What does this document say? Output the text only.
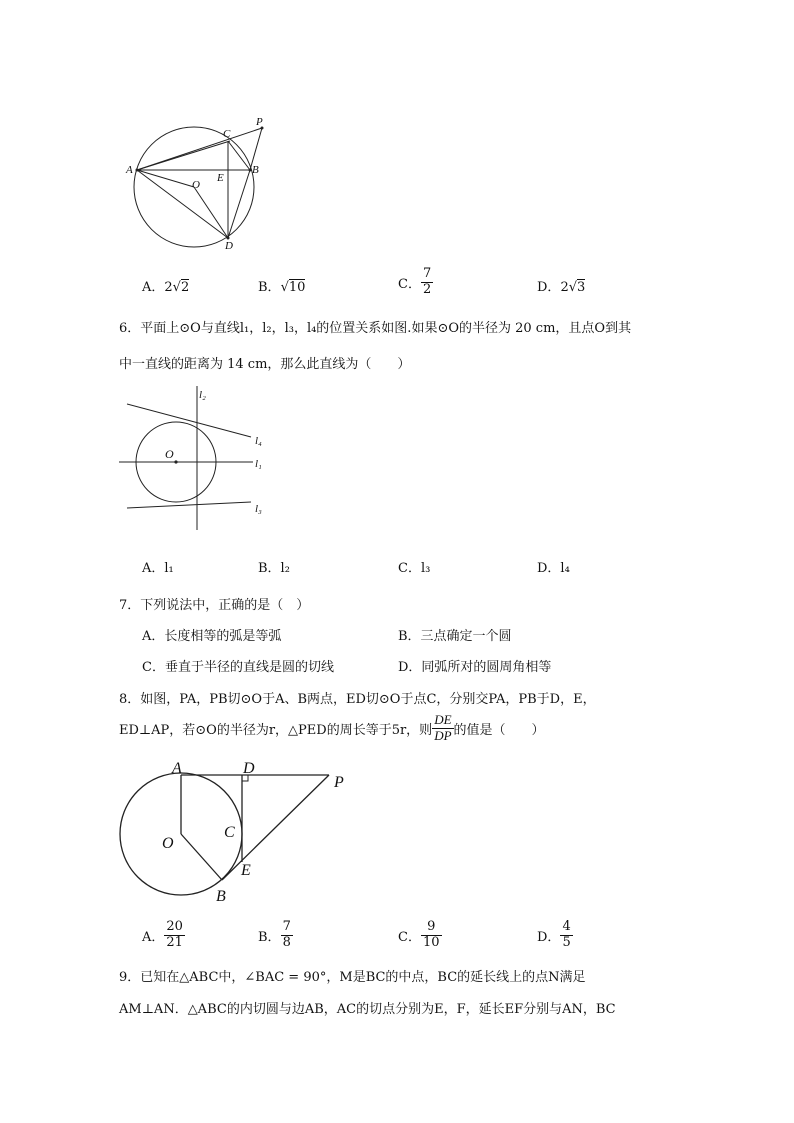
P
C
A	B
O
E
D
A．2√2	B．√10	C． $\frac{7}{2}$	D．2√3
6．平面上⊙O与直线l₁，l₂，l₃，l₄的位置关系如图.如果⊙O的半径为 20 cm，且点O到其
中一直线的距离为 14 cm，那么此直线为（　　）
l₂
l₄
l₁
l₃
O
A．l₁	B．l₂	C．l₃	D．l₄
7．下列说法中，正确的是（　）
A．长度相等的弧是等弧	B．三点确定一个圆
C．垂直于半径的直线是圆的切线	D．同弧所对的圆周角相等
8．如图，PA，PB切⊙O于A、B两点，ED切⊙O于点C，分别交PA，PB于D，E，
ED⊥AP，若⊙O的半径为r，△PED的周长等于5r，则 $\frac{DE}{DP}$ 的值是（　　）
A	D
P
C
O
E
B
A． $\frac{20}{21}$	B． $\frac{7}{8}$	C． $\frac{9}{10}$	D． $\frac{4}{5}$
9．已知在△ABC中，∠BAC = 90°，M是BC的中点，BC的延长线上的点N满足
AM⊥AN．△ABC的内切圆与边AB，AC的切点分别为E，F，延长EF分别与AN，BC
